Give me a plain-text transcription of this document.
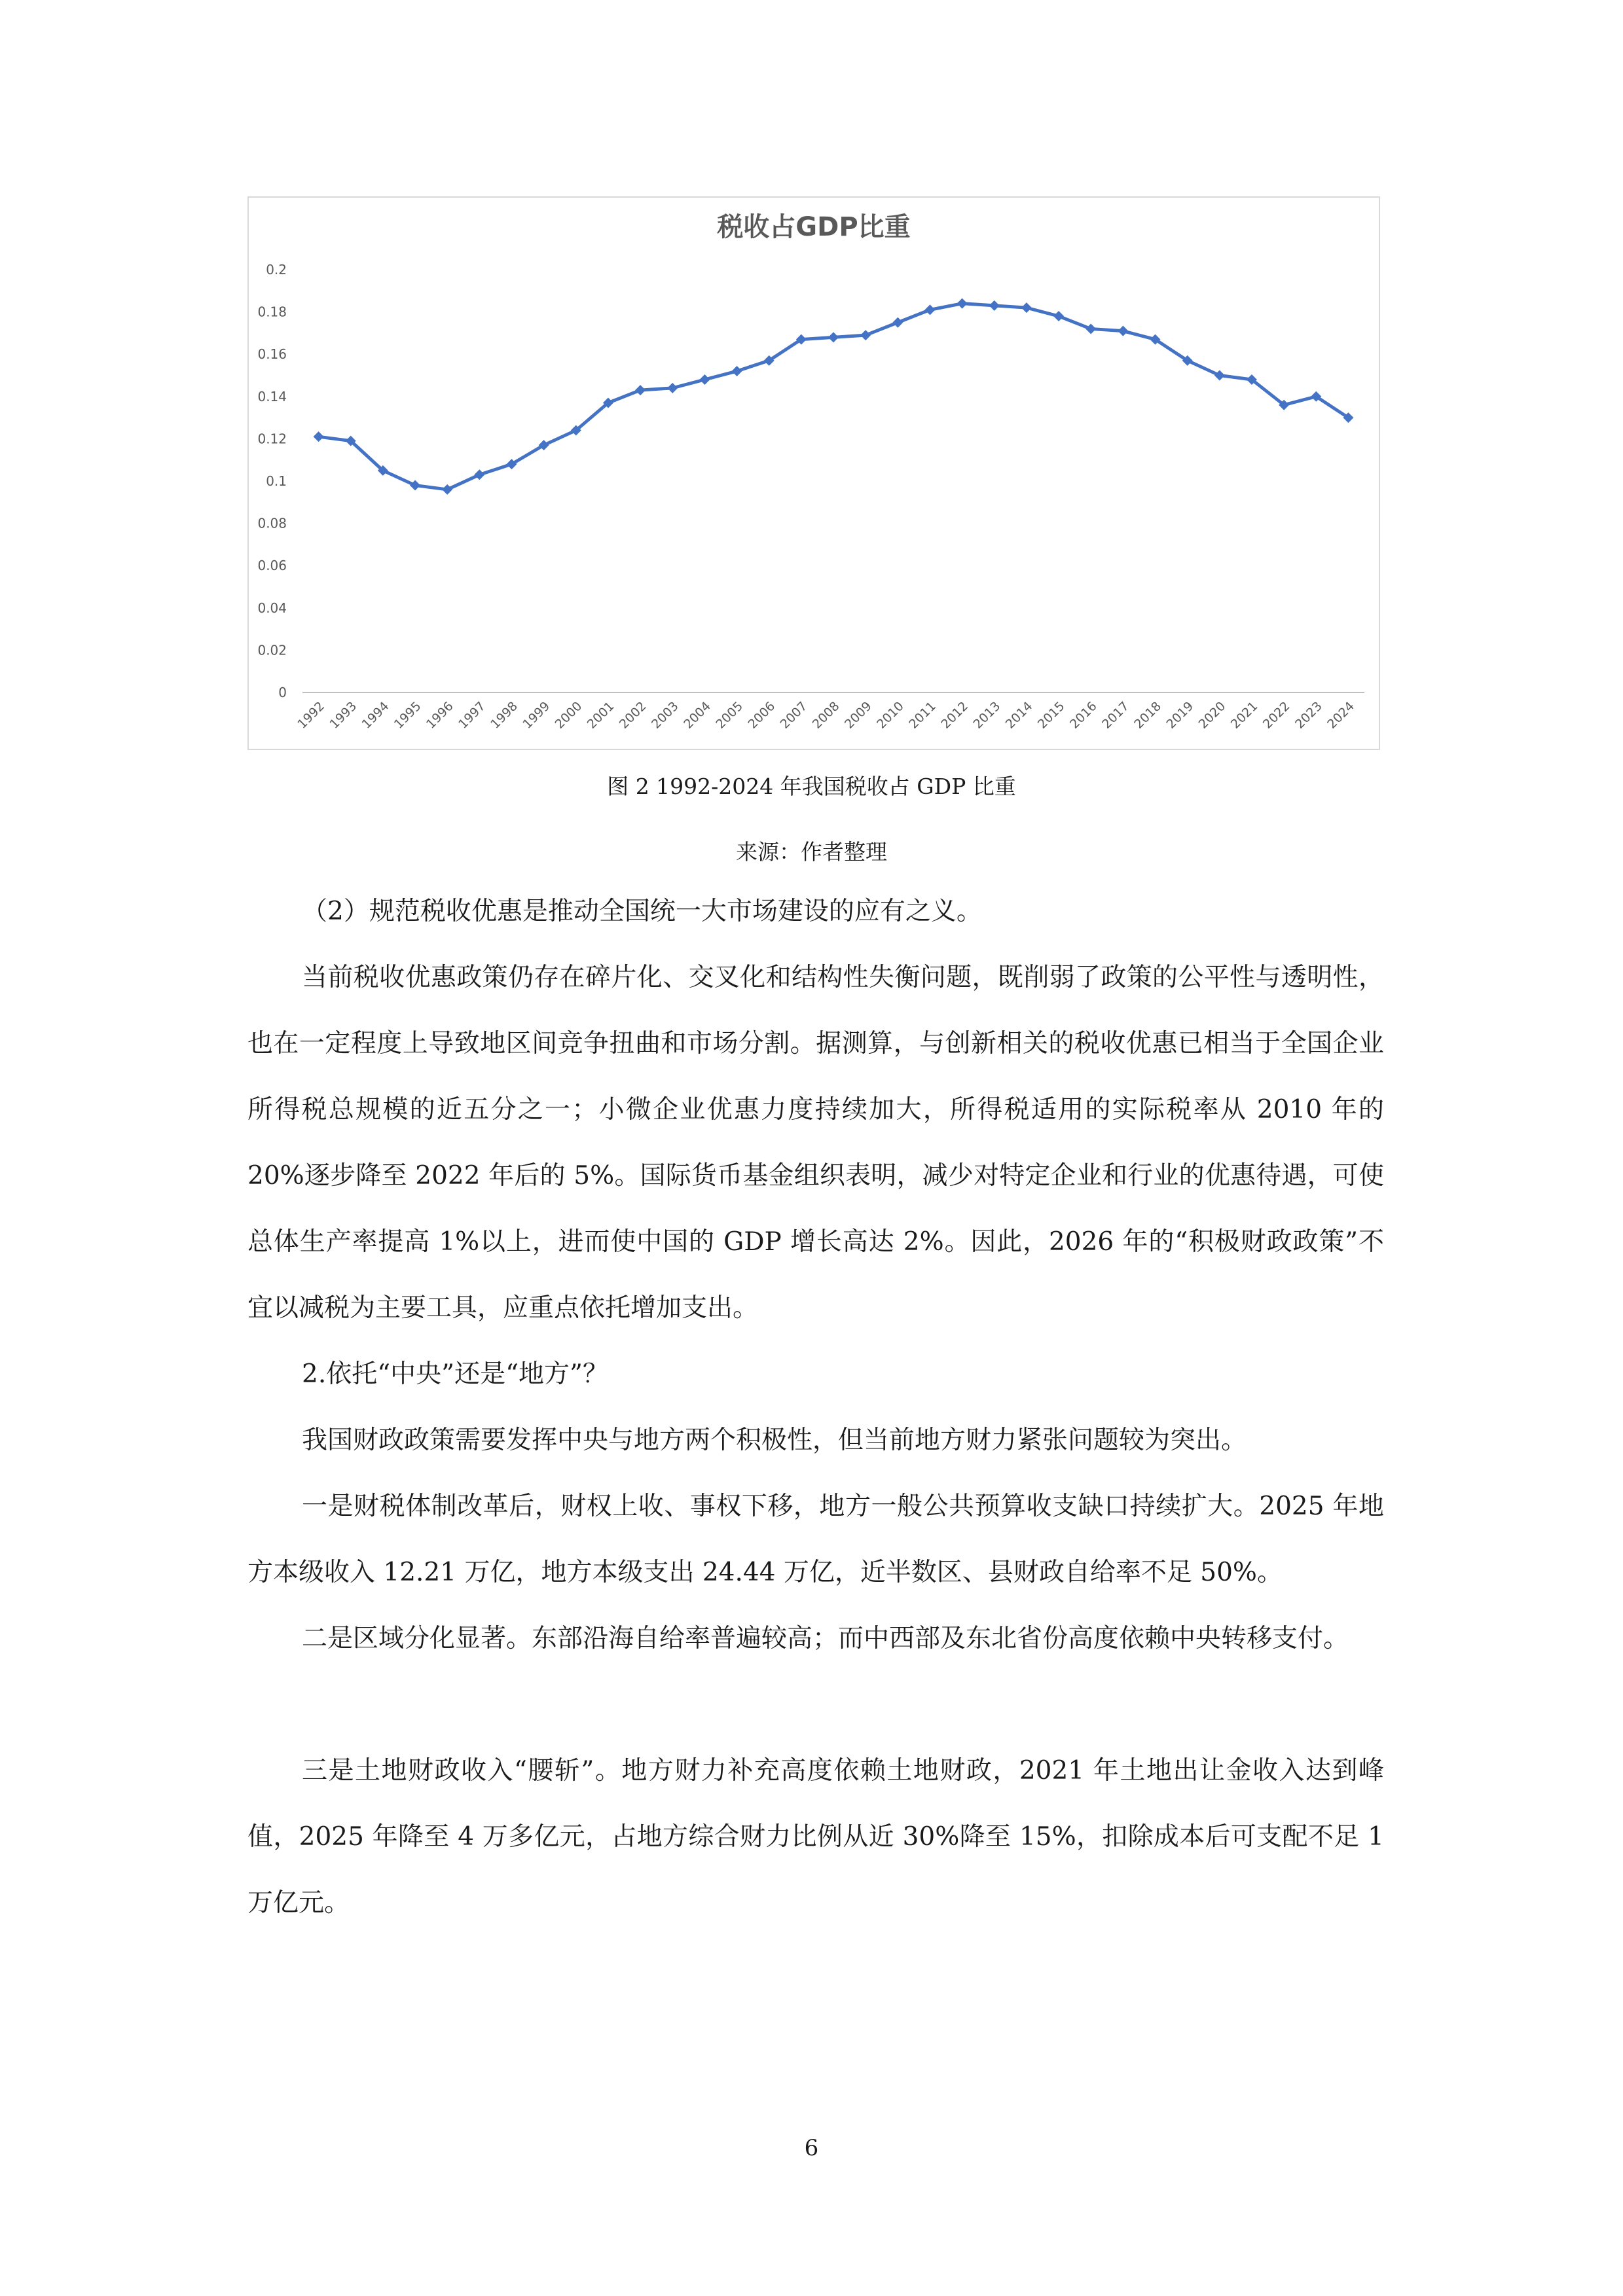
税收占GDP比重
0
0.02
0.04
0.06
0.08
0.1
0.12
0.14
0.16
0.18
0.2
1992 1993 1994 1995 1996 1997 1998 1999 2000 2001 2002 2003 2004 2005 2006 2007 2008 2009 2010 2011 2012 2013 2014 2015 2016 2017 2018 2019 2020 2021 2022 2023 2024
图 2 1992-2024 年我国税收占 GDP 比重
来源：作者整理

（2）规范税收优惠是推动全国统一大市场建设的应有之义。

当前税收优惠政策仍存在碎片化、交叉化和结构性失衡问题，既削弱了政策的公平性与透明性，也在一定程度上导致地区间竞争扭曲和市场分割。据测算，与创新相关的税收优惠已相当于全国企业所得税总规模的近五分之一；小微企业优惠力度持续加大，所得税适用的实际税率从 2010 年的 20%逐步降至 2022 年后的 5%。国际货币基金组织表明，减少对特定企业和行业的优惠待遇，可使总体生产率提高 1%以上，进而使中国的 GDP 增长高达 2%。因此，2026 年的“积极财政政策”不宜以减税为主要工具，应重点依托增加支出。

2.依托“中央”还是“地方”？

我国财政政策需要发挥中央与地方两个积极性，但当前地方财力紧张问题较为突出。

一是财税体制改革后，财权上收、事权下移，地方一般公共预算收支缺口持续扩大。2025 年地方本级收入 12.21 万亿，地方本级支出 24.44 万亿，近半数区、县财政自给率不足 50%。

二是区域分化显著。东部沿海自给率普遍较高；而中西部及东北省份高度依赖中央转移支付。

三是土地财政收入“腰斩”。地方财力补充高度依赖土地财政，2021 年土地出让金收入达到峰值，2025 年降至 4 万多亿元，占地方综合财力比例从近 30%降至 15%，扣除成本后可支配不足 1 万亿元。

6
